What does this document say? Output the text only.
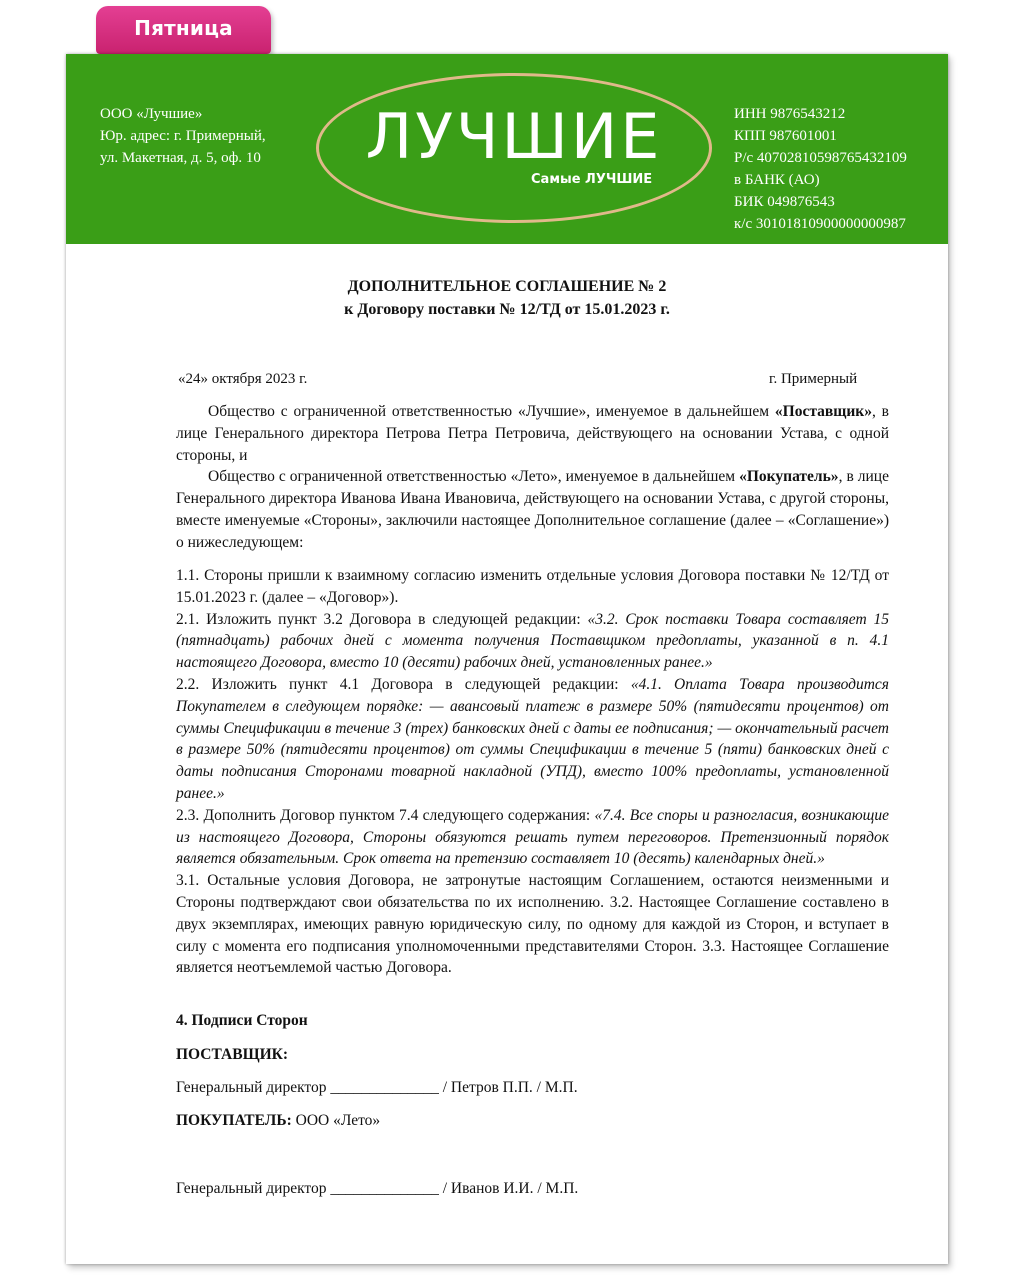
Пятница
ООО «Лучшие»
Юр. адрес: г. Примерный,
ул. Макетная, д. 5, оф. 10	ЛУЧШИЕ
Самые ЛУЧШИЕ
ИНН 9876543212
КПП 987601001
Р/с 40702810598765432109
в БАНК (АО)
БИК 049876543
к/с 30101810900000000987
ДОПОЛНИТЕЛЬНОЕ СОГЛАШЕНИЕ № 2
к Договору поставки № 12/ТД от 15.01.2023 г.
«24» октября 2023 г.	г. Примерный

Общество с ограниченной ответственностью «Лучшие», именуемое в дальнейшем «Поставщик», в лице Генерального директора Петрова Петра Петровича, действующего на основании Устава, с одной стороны, и

Общество с ограниченной ответственностью «Лето», именуемое в дальнейшем «Покупатель», в лице Генерального директора Иванова Ивана Ивановича, действующего на основании Устава, с другой стороны, вместе именуемые «Стороны», заключили настоящее Дополнительное соглашение (далее – «Соглашение») о нижеследующем:

1.1. Стороны пришли к взаимному согласию изменить отдельные условия Договора поставки № 12/ТД от 15.01.2023 г. (далее – «Договор»).

2.1. Изложить пункт 3.2 Договора в следующей редакции: «3.2. Срок поставки Товара составляет 15 (пятнадцать) рабочих дней с момента получения Поставщиком предоплаты, указанной в п. 4.1 настоящего Договора, вместо 10 (десяти) рабочих дней, установленных ранее.»

2.2. Изложить пункт 4.1 Договора в следующей редакции: «4.1. Оплата Товара производится Покупателем в следующем порядке: — авансовый платеж в размере 50% (пятидесяти процентов) от суммы Спецификации в течение 3 (трех) банковских дней с даты ее подписания; — окончательный расчет в размере 50% (пятидесяти процентов) от суммы Спецификации в течение 5 (пяти) банковских дней с даты подписания Сторонами товарной накладной (УПД), вместо 100% предоплаты, установленной ранее.»

2.3. Дополнить Договор пунктом 7.4 следующего содержания: «7.4. Все споры и разногласия, возникающие из настоящего Договора, Стороны обязуются решать путем переговоров. Претензионный порядок является обязательным. Срок ответа на претензию составляет 10 (десять) календарных дней.»

3.1. Остальные условия Договора, не затронутые настоящим Соглашением, остаются неизменными и Стороны подтверждают свои обязательства по их исполнению. 3.2. Настоящее Соглашение составлено в двух экземплярах, имеющих равную юридическую силу, по одному для каждой из Сторон, и вступает в силу с момента его подписания уполномоченными представителями Сторон. 3.3. Настоящее Соглашение является неотъемлемой частью Договора.

4. Подписи Сторон
ПОСТАВЩИК:
Генеральный директор ______________ / Петров П.П. / М.П.
ПОКУПАТЕЛЬ: ООО «Лето»
Генеральный директор ______________ / Иванов И.И. / М.П.
